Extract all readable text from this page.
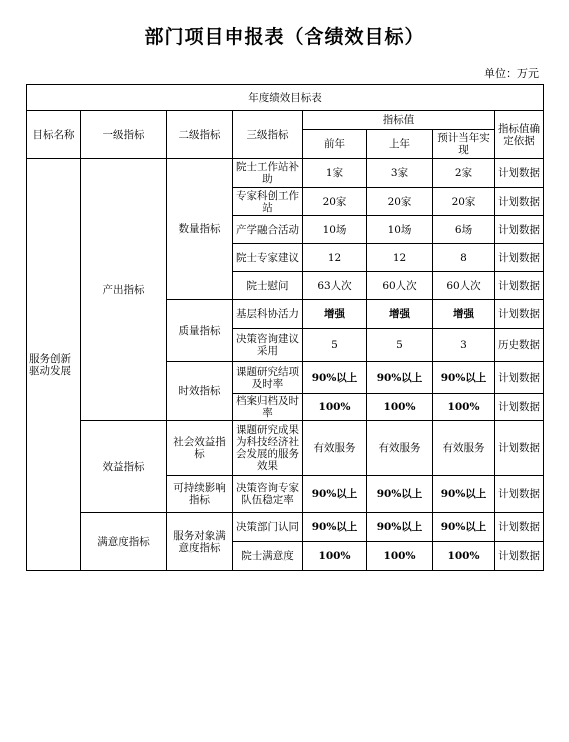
部门项目申报表（含绩效目标）
单位：万元
年度绩效目标表							
目标名称	一级指标	二级指标	三级指标	指标值			指标值确定依据
				前年	上年	预计当年实现	
服务创新驱动发展	产出指标	数量指标	院士工作站补助	1家	3家	2家	计划数据
			专家科创工作站	20家	20家	20家	计划数据
			产学融合活动	10场	10场	6场	计划数据
			院士专家建议	12	12	8	计划数据
			院士慰问	63人次	60人次	60人次	计划数据
		质量指标	基层科协活力	增强	增强	增强	计划数据
			决策咨询建议采用	5	5	3	历史数据
		时效指标	课题研究结项及时率	90%以上	90%以上	90%以上	计划数据
			档案归档及时率	100%	100%	100%	计划数据
	效益指标	社会效益指标	课题研究成果为科技经济社会发展的服务效果	有效服务	有效服务	有效服务	计划数据
		可持续影响指标	决策咨询专家队伍稳定率	90%以上	90%以上	90%以上	计划数据
	满意度指标	服务对象满意度指标	决策部门认同	90%以上	90%以上	90%以上	计划数据
			院士满意度	100%	100%	100%	计划数据
